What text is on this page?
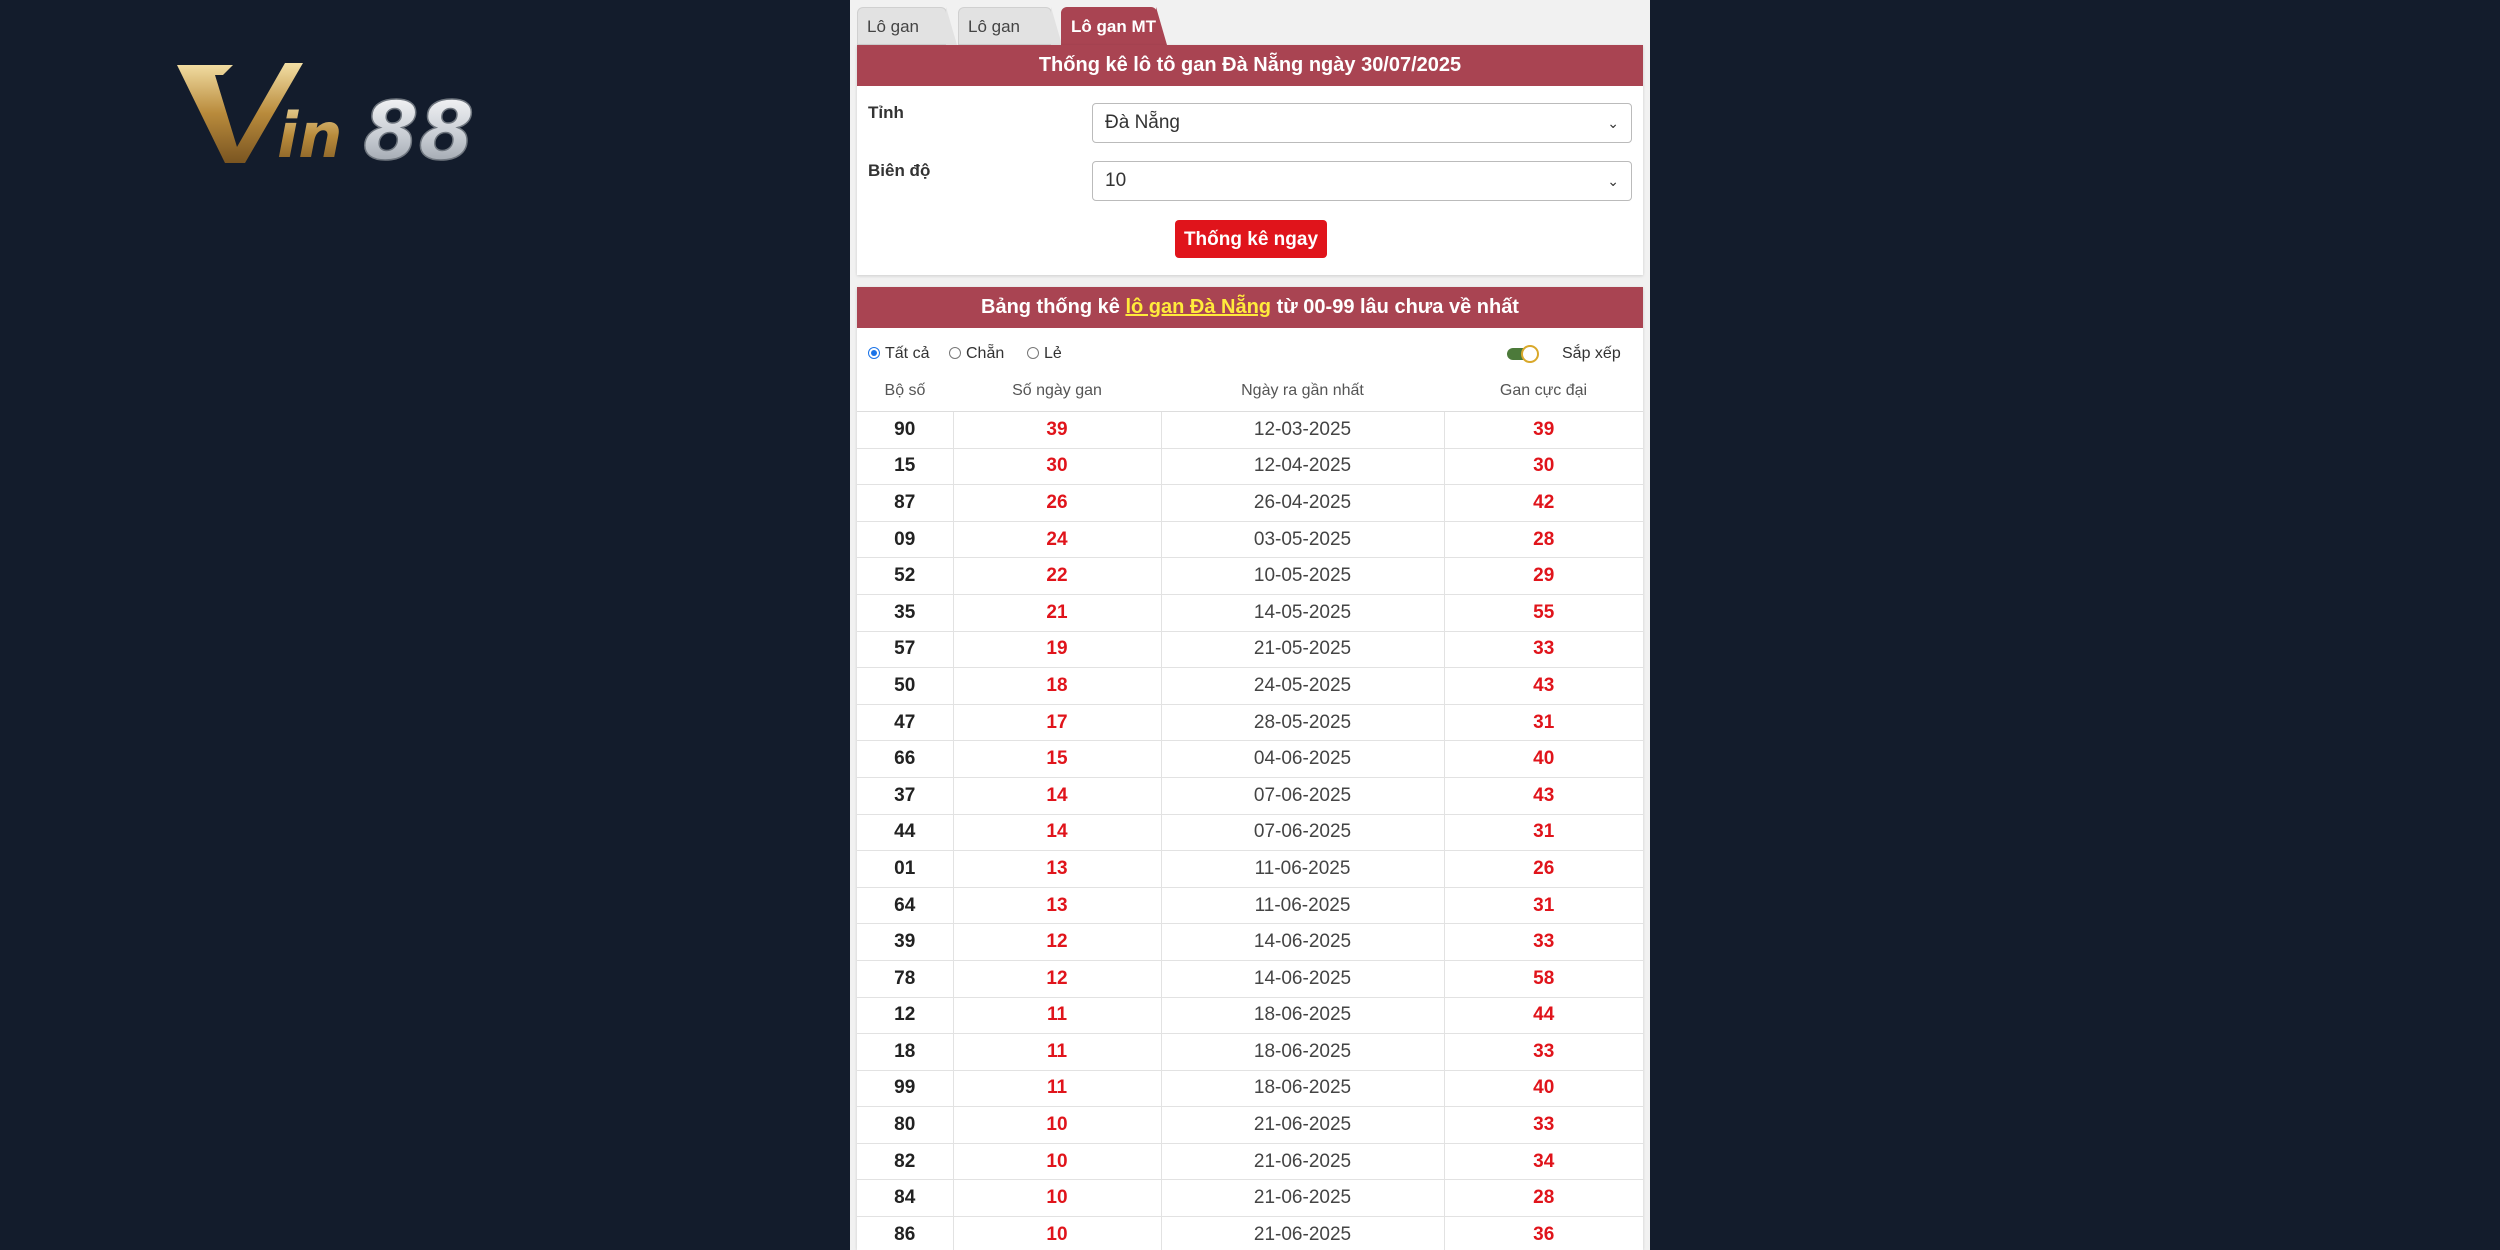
in 88
Lô gan	Lô gan	Lô gan MT
Thống kê lô tô gan Đà Nẵng ngày 30/07/2025
Tỉnh	Đà Nẵng	⌄
Biên độ	10	⌄
Thống kê ngay
Bảng thống kê lô gan Đà Nẵng từ 00-99 lâu chưa về nhất
Tất cả	Chẵn	Lẻ	Sắp xếp
Bộ số	Số ngày gan	Ngày ra gần nhất	Gan cực đại
90	39	12-03-2025	39
15	30	12-04-2025	30
87	26	26-04-2025	42
09	24	03-05-2025	28
52	22	10-05-2025	29
35	21	14-05-2025	55
57	19	21-05-2025	33
50	18	24-05-2025	43
47	17	28-05-2025	31
66	15	04-06-2025	40
37	14	07-06-2025	43
44	14	07-06-2025	31
01	13	11-06-2025	26
64	13	11-06-2025	31
39	12	14-06-2025	33
78	12	14-06-2025	58
12	11	18-06-2025	44
18	11	18-06-2025	33
99	11	18-06-2025	40
80	10	21-06-2025	33
82	10	21-06-2025	34
84	10	21-06-2025	28
86	10	21-06-2025	36
